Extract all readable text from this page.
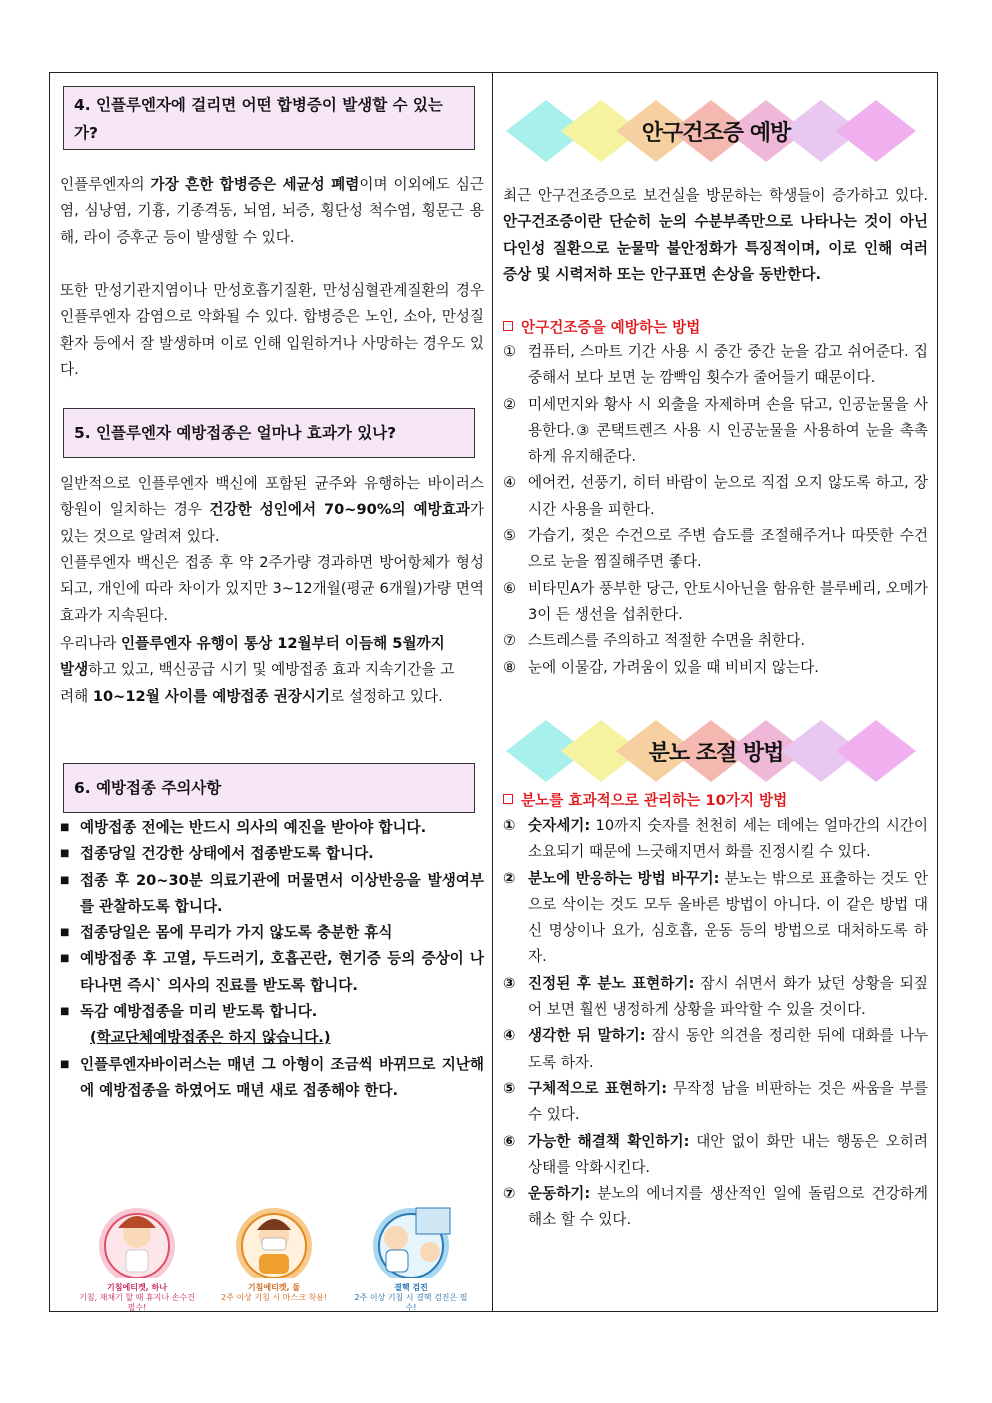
4. 인플루엔자에 걸리면 어떤 합병증이 발생할 수 있는가?
인플루엔자의 가장 흔한 합병증은 세균성 폐렴이며 이외에도 심근염, 심낭염, 기흉, 기종격동, 뇌염, 뇌증, 횡단성 척수염, 횡문근 용해, 라이 증후군 등이 발생할 수 있다.
또한 만성기관지염이나 만성호흡기질환, 만성심혈관계질환의 경우 인플루엔자 감염으로 악화될 수 있다. 합병증은 노인, 소아, 만성질환자 등에서 잘 발생하며 이로 인해 입원하거나 사망하는 경우도 있다.
5. 인플루엔자 예방접종은 얼마나 효과가 있나?
일반적으로 인플루엔자 백신에 포함된 균주와 유행하는 바이러스 항원이 일치하는 경우 건강한 성인에서 70~90%의 예방효과가 있는 것으로 알려져 있다.
인플루엔자 백신은 접종 후 약 2주가량 경과하면 방어항체가 형성되고, 개인에 따라 차이가 있지만 3~12개월(평균 6개월)가량 면역효과가 지속된다.
우리나라 인플루엔자 유행이 통상 12월부터 이듬해 5월까지 발생하고 있고, 백신공급 시기 및 예방접종 효과 지속기간을 고려해 10~12월 사이를 예방접종 권장시기로 설정하고 있다.
6. 예방접종 주의사항
■ 예방접종 전에는 반드시 의사의 예진을 받아야 합니다.
■ 접종당일 건강한 상태에서 접종받도록 합니다.
■ 접종 후 20~30분 의료기관에 머물면서 이상반응을 발생여부를 관찰하도록 합니다.
■ 접종당일은 몸에 무리가 가지 않도록 충분한 휴식
■ 예방접종 후 고열, 두드러기, 호흡곤란, 현기증 등의 증상이 나타나면 즉시` 의사의 진료를 받도록 합니다.
■ 독감 예방접종을 미리 받도록 합니다.
(학교단체예방접종은 하지 않습니다.)
■ 인플루엔자바이러스는 매년 그 아형이 조금씩 바뀌므로 지난해에 예방접종을 하였어도 매년 새로 접종해야 한다.
기침에티켓, 하나
기침, 재채기 할 때 휴지나 손수건 필수!
기침에티켓, 둘
2주 이상 기침 시 마스크 착용!
결핵 검진
2주 이상 기침 시 결핵 검진은 필수!
안구건조증 예방
최근 안구건조증으로 보건실을 방문하는 학생들이 증가하고 있다. 안구건조증이란 단순히 눈의 수분부족만으로 나타나는 것이 아닌 다인성 질환으로 눈물막 불안정화가 특징적이며, 이로 인해 여러 증상 및 시력저하 또는 안구표면 손상을 동반한다.
안구건조증을 예방하는 방법
① 컴퓨터, 스마트 기간 사용 시 중간 중간 눈을 감고 쉬어준다. 집중해서 보다 보면 눈 깜빡임 횟수가 줄어들기 때문이다.
② 미세먼지와 황사 시 외출을 자제하며 손을 닦고, 인공눈물을 사용한다.③ 콘택트렌즈 사용 시 인공눈물을 사용하여 눈을 촉촉하게 유지해준다.
④ 에어컨, 선풍기, 히터 바람이 눈으로 직접 오지 않도록 하고, 장시간 사용을 피한다.
⑤ 가습기, 젖은 수건으로 주변 습도를 조절해주거나 따뜻한 수건으로 눈을 찜질해주면 좋다.
⑥ 비타민A가 풍부한 당근, 안토시아닌을 함유한 블루베리, 오메가3이 든 생선을 섭취한다.
⑦ 스트레스를 주의하고 적절한 수면을 취한다.
⑧ 눈에 이물감, 가려움이 있을 때 비비지 않는다.
분노 조절 방법
분노를 효과적으로 관리하는 10가지 방법
① 숫자세기: 10까지 숫자를 천천히 세는 데에는 얼마간의 시간이 소요되기 때문에 느긋해지면서 화를 진정시킬 수 있다.
② 분노에 반응하는 방법 바꾸기: 분노는 밖으로 표출하는 것도 안으로 삭이는 것도 모두 올바른 방법이 아니다. 이 같은 방법 대신 명상이나 요가, 심호흡, 운동 등의 방법으로 대처하도록 하자.
③ 진정된 후 분노 표현하기: 잠시 쉬면서 화가 났던 상황을 되짚어 보면 훨씬 냉정하게 상황을 파악할 수 있을 것이다.
④ 생각한 뒤 말하기: 잠시 동안 의견을 정리한 뒤에 대화를 나누도록 하자.
⑤ 구체적으로 표현하기: 무작정 남을 비판하는 것은 싸움을 부를 수 있다.
⑥ 가능한 해결책 확인하기: 대안 없이 화만 내는 행동은 오히려 상태를 악화시킨다.
⑦ 운동하기: 분노의 에너지를 생산적인 일에 돌림으로 건강하게 해소 할 수 있다.
